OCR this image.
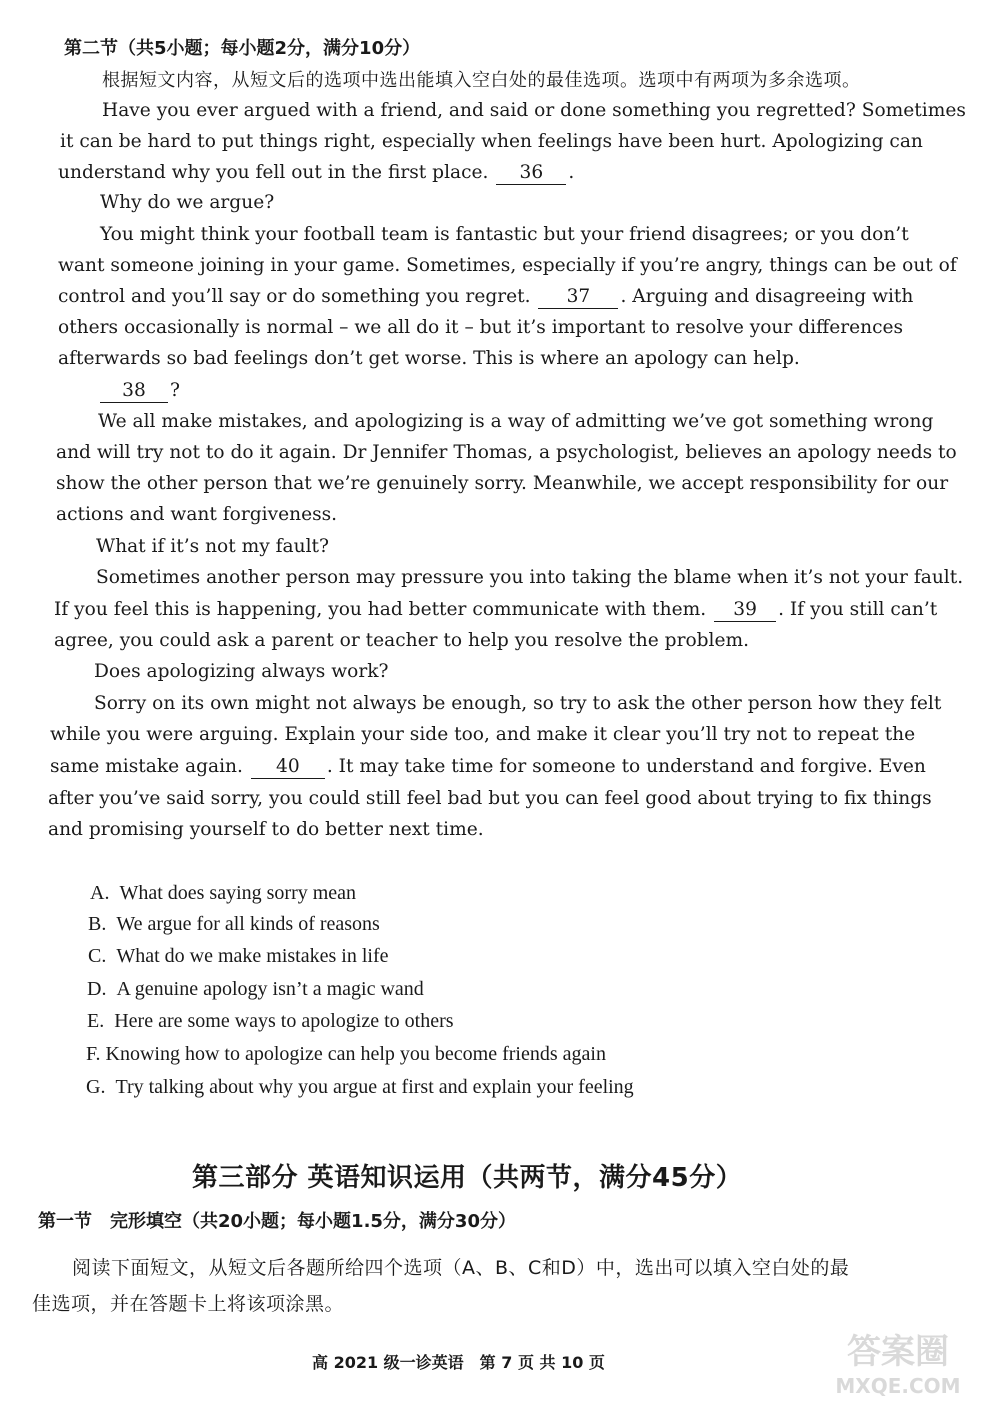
第二节（共5小题；每小题2分，满分10分）
根据短文内容，从短文后的选项中选出能填入空白处的最佳选项。选项中有两项为多余选项。
Have you ever argued with a friend, and said or done something you regretted? Sometimes
it can be hard to put things right, especially when feelings have been hurt. Apologizing can
understand why you fell out in the first place. 36 .
Why do we argue?
You might think your football team is fantastic but your friend disagrees; or you don’t
want someone joining in your game. Sometimes, especially if you’re angry, things can be out of
control and you’ll say or do something you regret. 37 . Arguing and disagreeing with
others occasionally is normal – we all do it – but it’s important to resolve your differences
afterwards so bad feelings don’t get worse. This is where an apology can help.
38 ?
We all make mistakes, and apologizing is a way of admitting we’ve got something wrong
and will try not to do it again. Dr Jennifer Thomas, a psychologist, believes an apology needs to
show the other person that we’re genuinely sorry. Meanwhile, we accept responsibility for our
actions and want forgiveness.
What if it’s not my fault?
Sometimes another person may pressure you into taking the blame when it’s not your fault.
If you feel this is happening, you had better communicate with them. 39 . If you still can’t
agree, you could ask a parent or teacher to help you resolve the problem.
Does apologizing always work?
Sorry on its own might not always be enough, so try to ask the other person how they felt
while you were arguing. Explain your side too, and make it clear you’ll try not to repeat the
same mistake again. 40 . It may take time for someone to understand and forgive. Even
after you’ve said sorry, you could still feel bad but you can feel good about trying to fix things
and promising yourself to do better next time.
A. What does saying sorry mean
B. We argue for all kinds of reasons
C. What do we make mistakes in life
D. A genuine apology isn’t a magic wand
E. Here are some ways to apologize to others
F. Knowing how to apologize can help you become friends again
G. Try talking about why you argue at first and explain your feeling
第三部分 英语知识运用（共两节，满分45分）
第一节　完形填空（共20小题；每小题1.5分，满分30分）
阅读下面短文，从短文后各题所给四个选项（A、B、C和D）中，选出可以填入空白处的最
佳选项，并在答题卡上将该项涂黑。
高 2021 级一诊英语　第 7 页 共 10 页	答案圈
MXQE.COM
